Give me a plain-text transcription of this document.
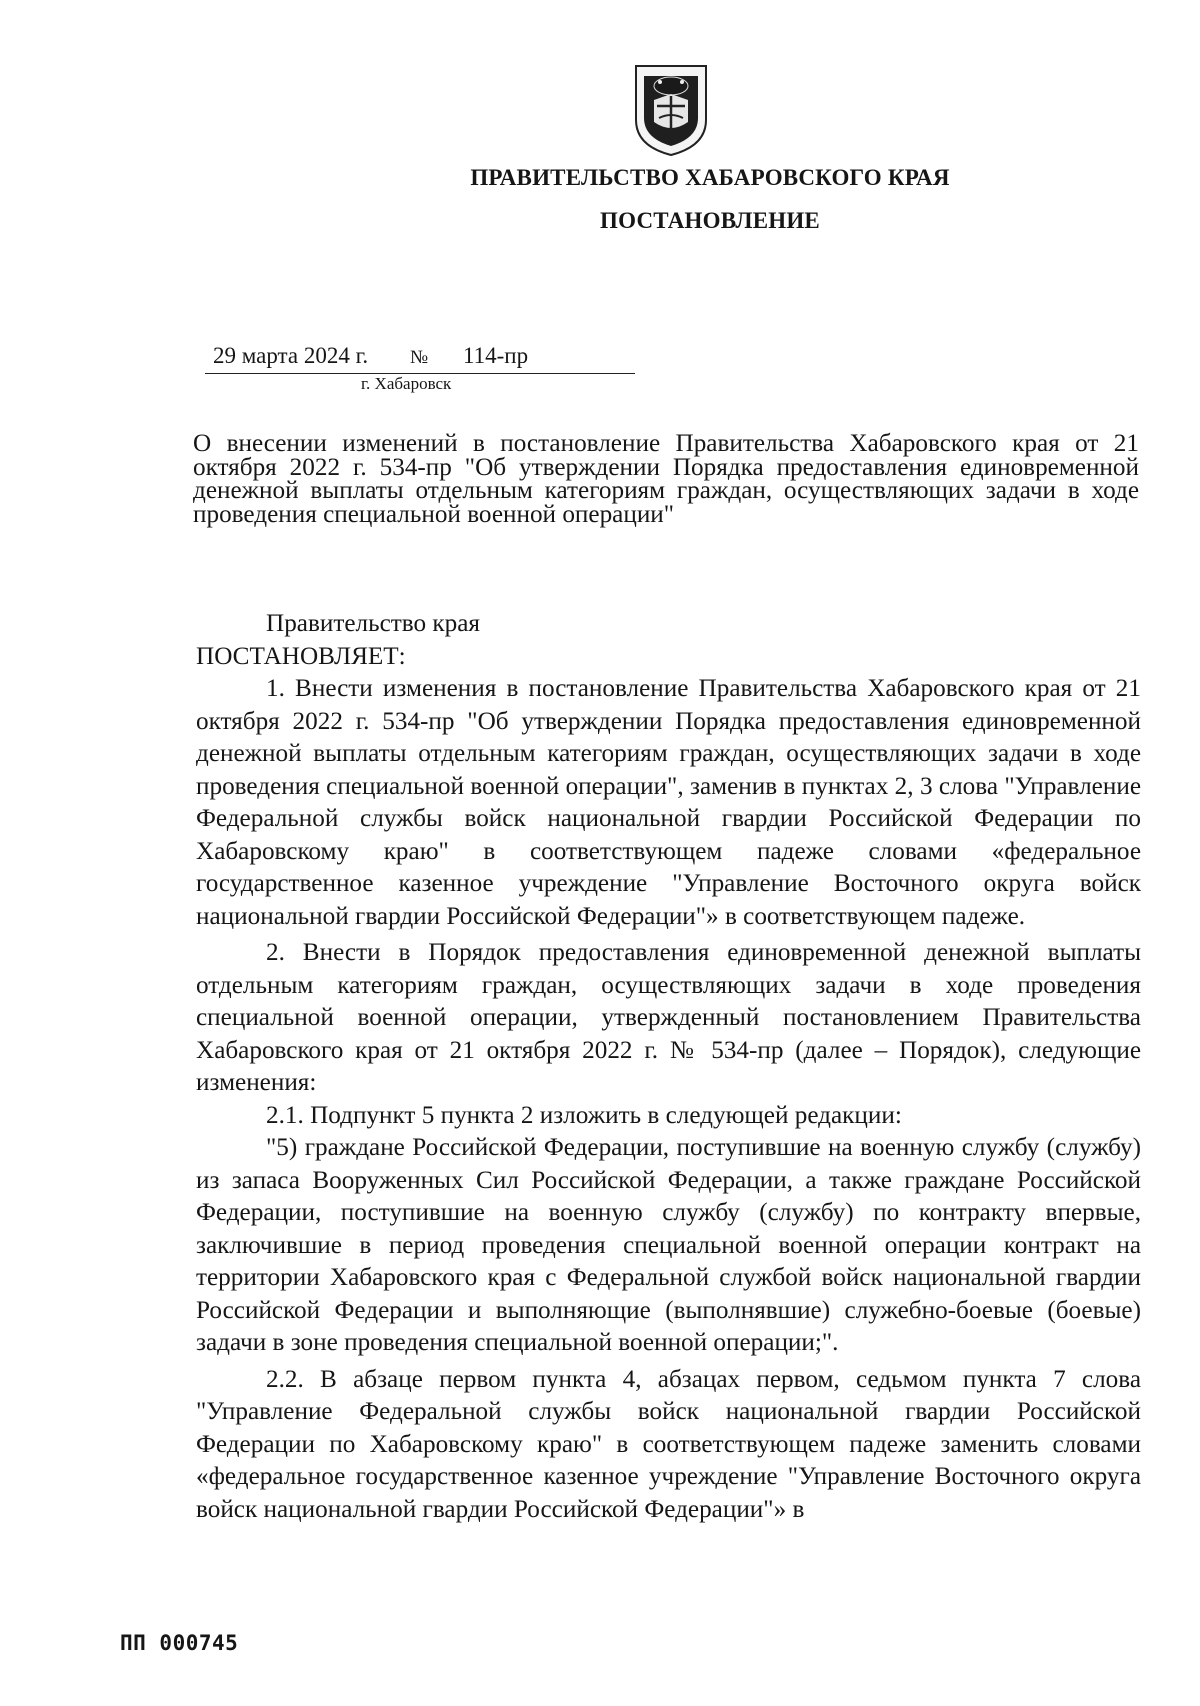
ПРАВИТЕЛЬСТВО ХАБАРОВСКОГО КРАЯ
ПОСТАНОВЛЕНИЕ
29 марта 2024 г. № 114-пр
г. Хабаровск
О внесении изменений в постановление Правительства Хабаровского края от 21 октября 2022 г. 534-пр "Об утверждении Порядка предоставления единовременной денежной выплаты отдельным категориям граждан, осуществляющих задачи в ходе проведения специальной военной операции"

Правительство края

ПОСТАНОВЛЯЕТ:

1. Внести изменения в постановление Правительства Хабаровского края от 21 октября 2022 г. 534-пр "Об утверждении Порядка предоставления единовременной денежной выплаты отдельным категориям граждан, осуществляющих задачи в ходе проведения специальной военной операции", заменив в пунктах 2, 3 слова "Управление Федеральной службы войск национальной гвардии Российской Федерации по Хабаровскому краю" в соответствующем падеже словами «федеральное государственное казенное учреждение "Управление Восточного округа войск национальной гвардии Российской Федерации"» в соответствующем падеже.

2. Внести в Порядок предоставления единовременной денежной выплаты отдельным категориям граждан, осуществляющих задачи в ходе проведения специальной военной операции, утвержденный постановлением Правительства Хабаровского края от 21 октября 2022 г. № 534-пр (далее – Порядок), следующие изменения:

2.1. Подпункт 5 пункта 2 изложить в следующей редакции:

"5) граждане Российской Федерации, поступившие на военную службу (службу) из запаса Вооруженных Сил Российской Федерации, а также граждане Российской Федерации, поступившие на военную службу (службу) по контракту впервые, заключившие в период проведения специальной военной операции контракт на территории Хабаровского края с Федеральной службой войск национальной гвардии Российской Федерации и выполняющие (выполнявшие) служебно-боевые (боевые) задачи в зоне проведения специальной военной операции;".

2.2. В абзаце первом пункта 4, абзацах первом, седьмом пункта 7 слова "Управление Федеральной службы войск национальной гвардии Российской Федерации по Хабаровскому краю" в соответствующем падеже заменить словами «федеральное государственное казенное учреждение "Управление Восточного округа войск национальной гвардии Российской Федерации"» в

ПП 000745
